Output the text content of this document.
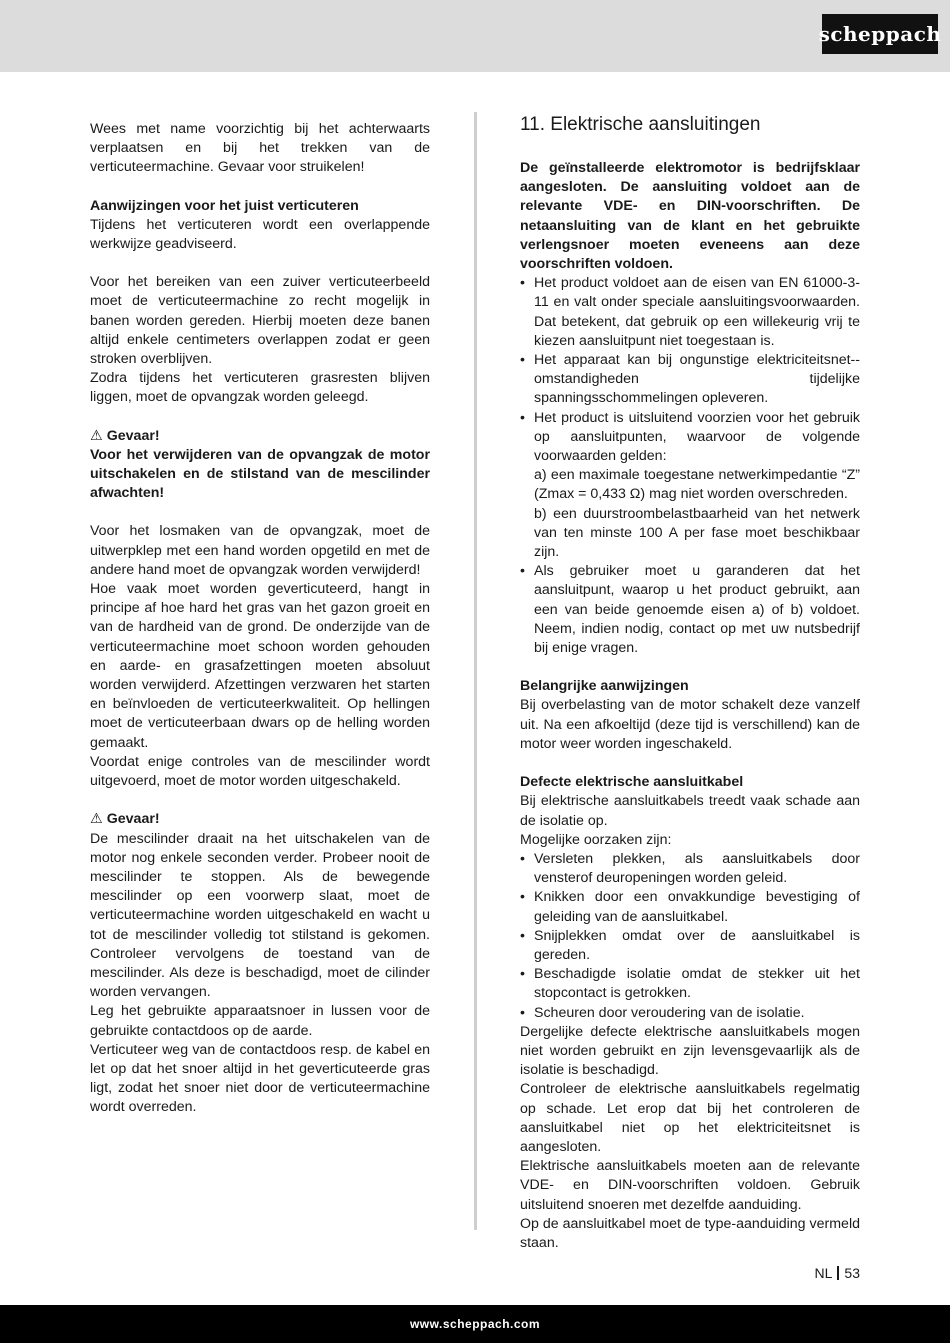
scheppach

Wees met name voorzichtig bij het achterwaarts verplaatsen en bij het trekken van de verticuteermachine. Gevaar voor struikelen!

Aanwijzingen voor het juist verticuteren

Tijdens het verticuteren wordt een overlappende werkwijze geadviseerd.

Voor het bereiken van een zuiver verticuteerbeeld moet de verticuteermachine zo recht mogelijk in banen worden gereden. Hierbij moeten deze banen altijd enkele centimeters overlappen zodat er geen stroken overblijven.

Zodra tijdens het verticuteren grasresten blijven liggen, moet de opvangzak worden geleegd.

⚠ Gevaar!

Voor het verwijderen van de opvangzak de motor uitschakelen en de stilstand van de mescilinder afwachten!

Voor het losmaken van de opvangzak, moet de uitwerpklep met een hand worden opgetild en met de andere hand moet de opvangzak worden verwijderd!

Hoe vaak moet worden geverticuteerd, hangt in principe af hoe hard het gras van het gazon groeit en van de hardheid van de grond. De onderzijde van de verticuteermachine moet schoon worden gehouden en aarde- en grasafzettingen moeten absoluut worden verwijderd. Afzettingen verzwaren het starten en beïnvloeden de verticuteerkwaliteit. Op hellingen moet de verticuteerbaan dwars op de helling worden gemaakt.

Voordat enige controles van de mescilinder wordt uitgevoerd, moet de motor worden uitgeschakeld.

⚠ Gevaar!

De mescilinder draait na het uitschakelen van de motor nog enkele seconden verder. Probeer nooit de mescilinder te stoppen. Als de bewegende mescilinder op een voorwerp slaat, moet de verticuteermachine worden uitgeschakeld en wacht u tot de mescilinder volledig tot stilstand is gekomen. Controleer vervolgens de toestand van de mescilinder. Als deze is beschadigd, moet de cilinder worden vervangen.

Leg het gebruikte apparaatsnoer in lussen voor de gebruikte contactdoos op de aarde.

Verticuteer weg van de contactdoos resp. de kabel en let op dat het snoer altijd in het geverticuteerde gras ligt, zodat het snoer niet door de verticuteermachine wordt overreden.

11. Elektrische aansluitingen

De geïnstalleerde elektromotor is bedrijfsklaar aangesloten. De aansluiting voldoet aan de relevante VDE- en DIN-voorschriften. De netaansluiting van de klant en het gebruikte verlengsnoer moeten eveneens aan deze voorschriften voldoen.

• Het product voldoet aan de eisen van EN 61000-3-11 en valt onder speciale aansluitingsvoorwaarden. Dat betekent, dat gebruik op een willekeurig vrij te kiezen aansluitpunt niet toegestaan is.
• Het apparaat kan bij ongunstige elektriciteitsnet--omstandigheden tijdelijke spanningsschommelingen opleveren.
• Het product is uitsluitend voorzien voor het gebruik op aansluitpunten, waarvoor de volgende voorwaarden gelden:
a) een maximale toegestane netwerkimpedantie “Z” (Zmax = 0,433 Ω) mag niet worden overschreden.
b) een duurstroombelastbaarheid van het netwerk van ten minste 100 A per fase moet beschikbaar zijn.
• Als gebruiker moet u garanderen dat het aansluitpunt, waarop u het product gebruikt, aan een van beide genoemde eisen a) of b) voldoet. Neem, indien nodig, contact op met uw nutsbedrijf bij enige vragen.

Belangrijke aanwijzingen

Bij overbelasting van de motor schakelt deze vanzelf uit. Na een afkoeltijd (deze tijd is verschillend) kan de motor weer worden ingeschakeld.

Defecte elektrische aansluitkabel

Bij elektrische aansluitkabels treedt vaak schade aan de isolatie op.

Mogelijke oorzaken zijn:

• Versleten plekken, als aansluitkabels door vensterof deuropeningen worden geleid.
• Knikken door een onvakkundige bevestiging of geleiding van de aansluitkabel.
• Snijplekken omdat over de aansluitkabel is gereden.
• Beschadigde isolatie omdat de stekker uit het stopcontact is getrokken.
• Scheuren door veroudering van de isolatie.

Dergelijke defecte elektrische aansluitkabels mogen niet worden gebruikt en zijn levensgevaarlijk als de isolatie is beschadigd.

Controleer de elektrische aansluitkabels regelmatig op schade. Let erop dat bij het controleren de aansluitkabel niet op het elektriciteitsnet is aangesloten.

Elektrische aansluitkabels moeten aan de relevante VDE- en DIN-voorschriften voldoen. Gebruik uitsluitend snoeren met dezelfde aanduiding.

Op de aansluitkabel moet de type-aanduiding vermeld staan.

NL 53
www.scheppach.com
